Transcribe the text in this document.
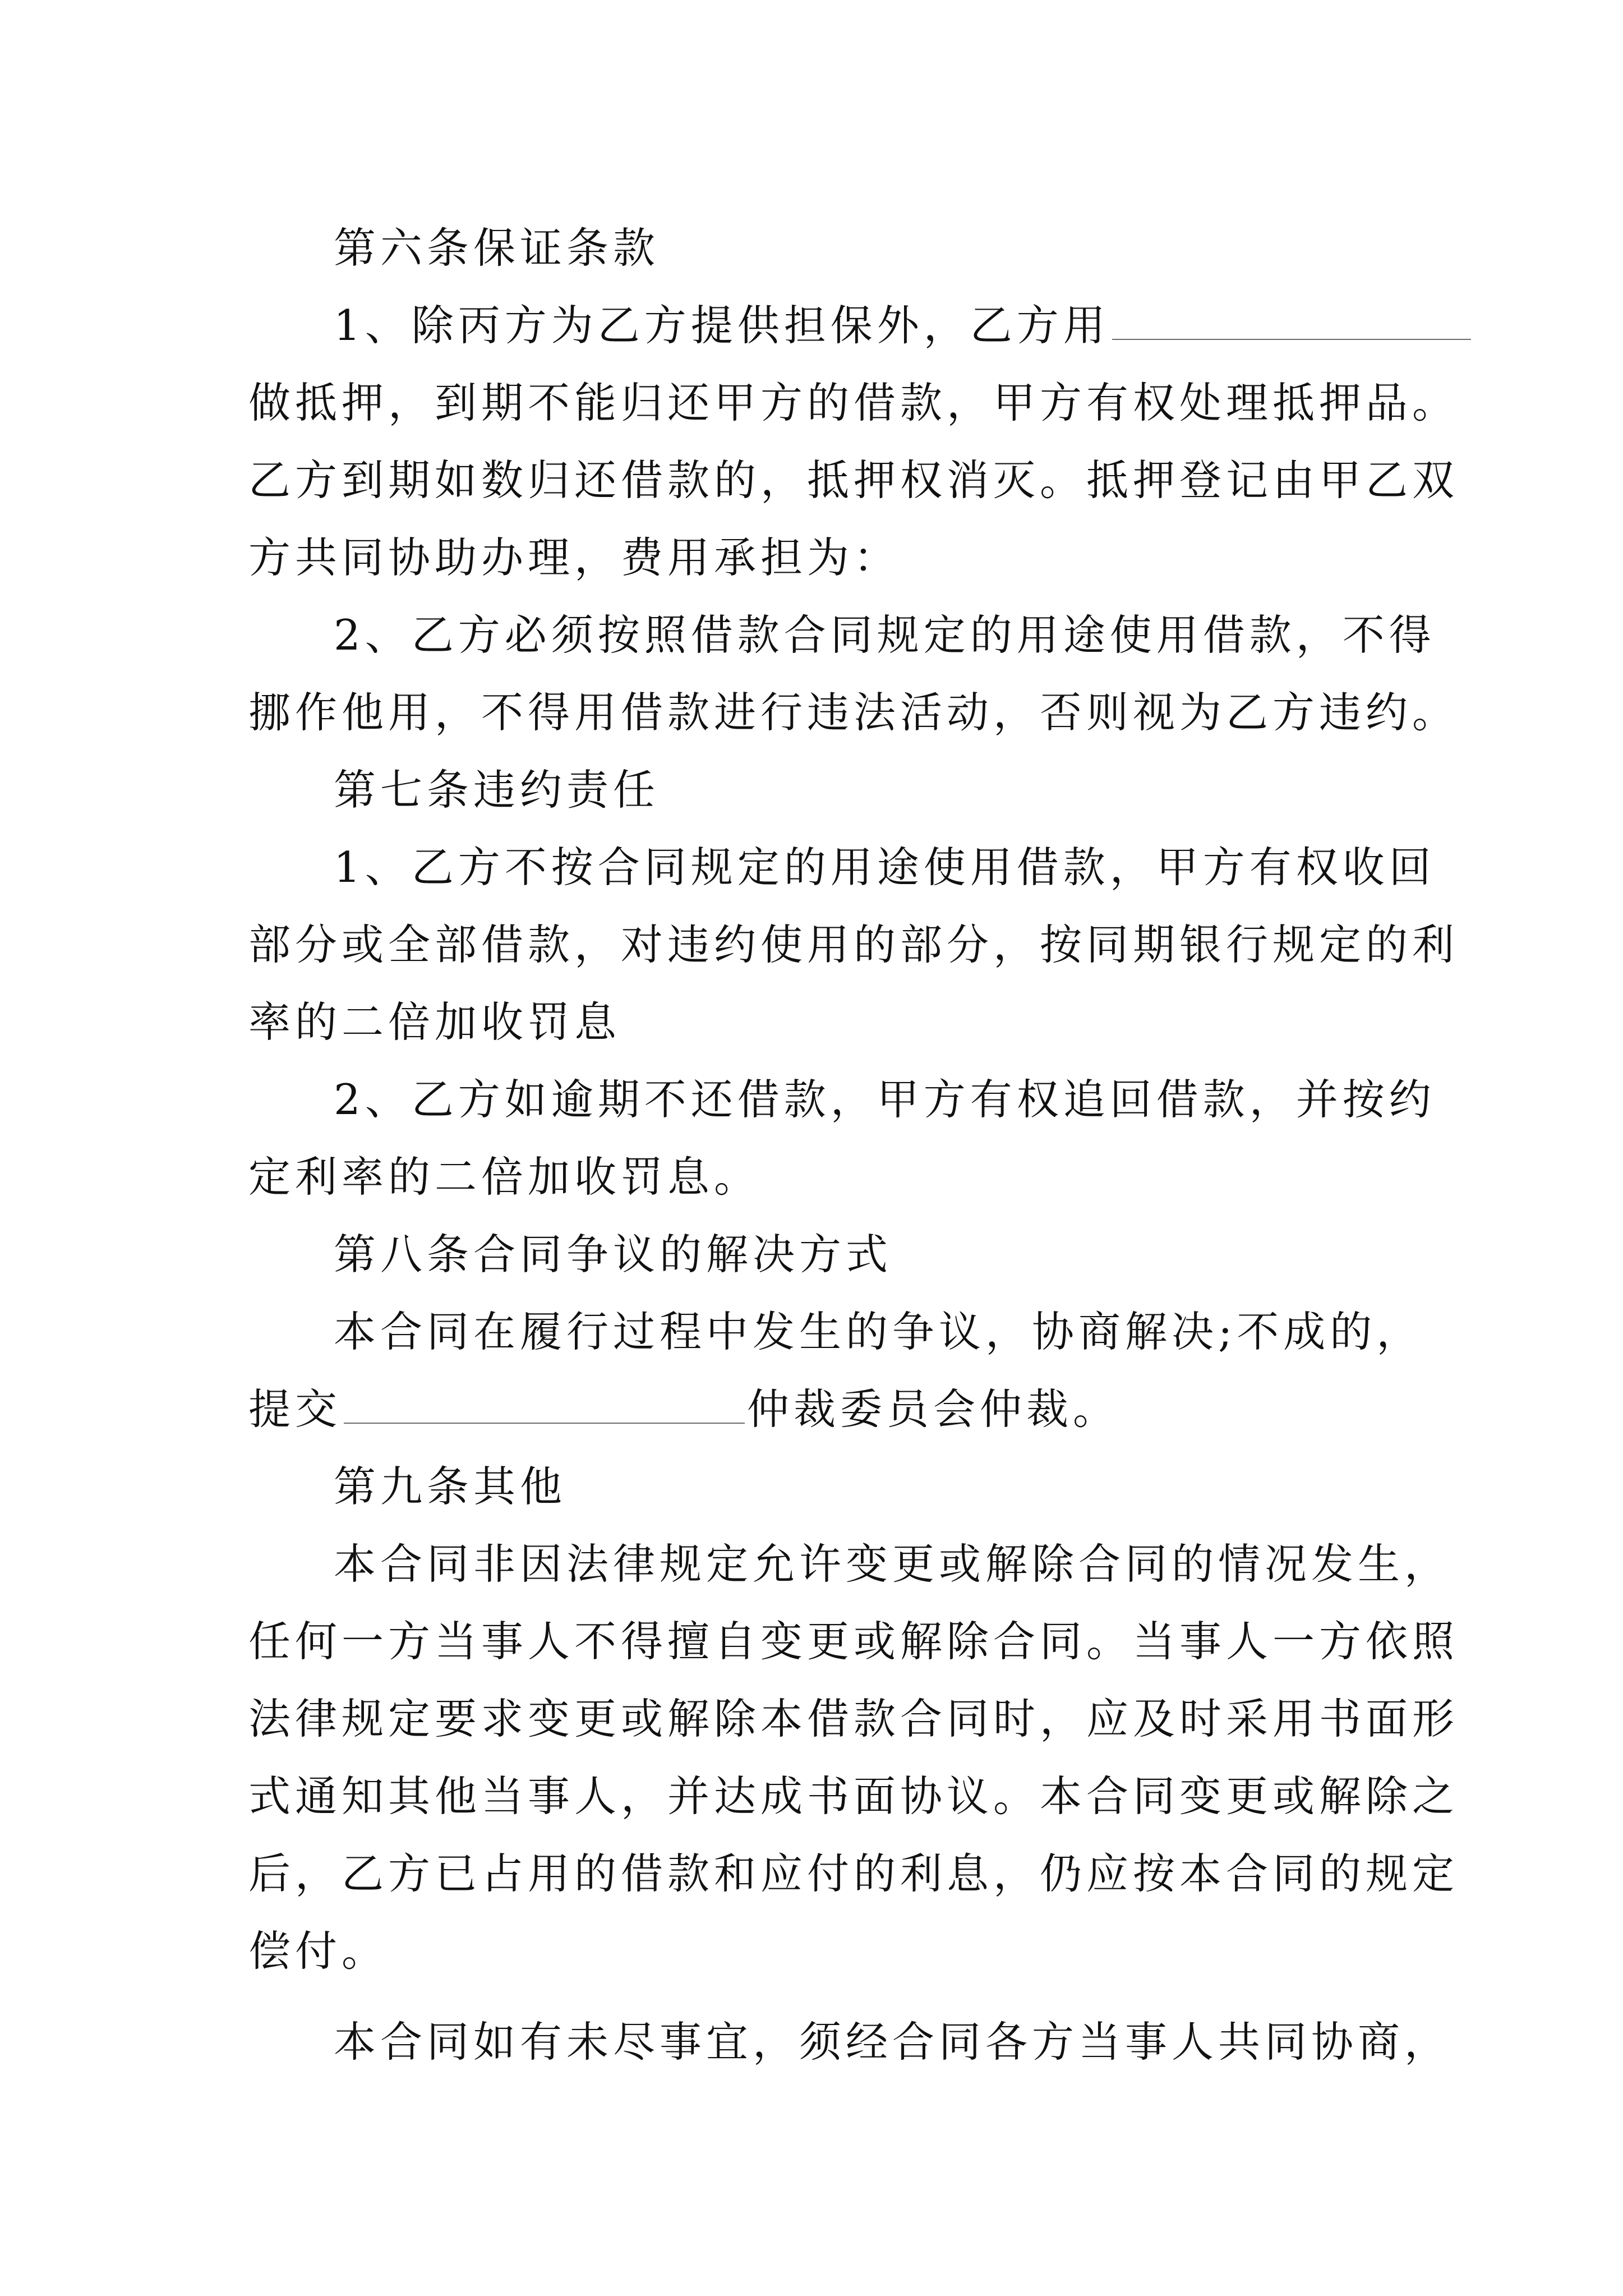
第六条保证条款
1、除丙方为乙方提供担保外，乙方用
做抵押，到期不能归还甲方的借款，甲方有权处理抵押品。
乙方到期如数归还借款的，抵押权消灭。抵押登记由甲乙双
方共同协助办理，费用承担为：
2、乙方必须按照借款合同规定的用途使用借款，不得
挪作他用，不得用借款进行违法活动，否则视为乙方违约。
第七条违约责任
1、乙方不按合同规定的用途使用借款，甲方有权收回
部分或全部借款，对违约使用的部分，按同期银行规定的利
率的二倍加收罚息
2、乙方如逾期不还借款，甲方有权追回借款，并按约
定利率的二倍加收罚息。
第八条合同争议的解决方式
本合同在履行过程中发生的争议，协商解决;不成的，
提交	仲裁委员会仲裁。
第九条其他
本合同非因法律规定允许变更或解除合同的情况发生，
任何一方当事人不得擅自变更或解除合同。当事人一方依照
法律规定要求变更或解除本借款合同时，应及时采用书面形
式通知其他当事人，并达成书面协议。本合同变更或解除之
后，乙方已占用的借款和应付的利息，仍应按本合同的规定
偿付。
本合同如有未尽事宜，须经合同各方当事人共同协商，
